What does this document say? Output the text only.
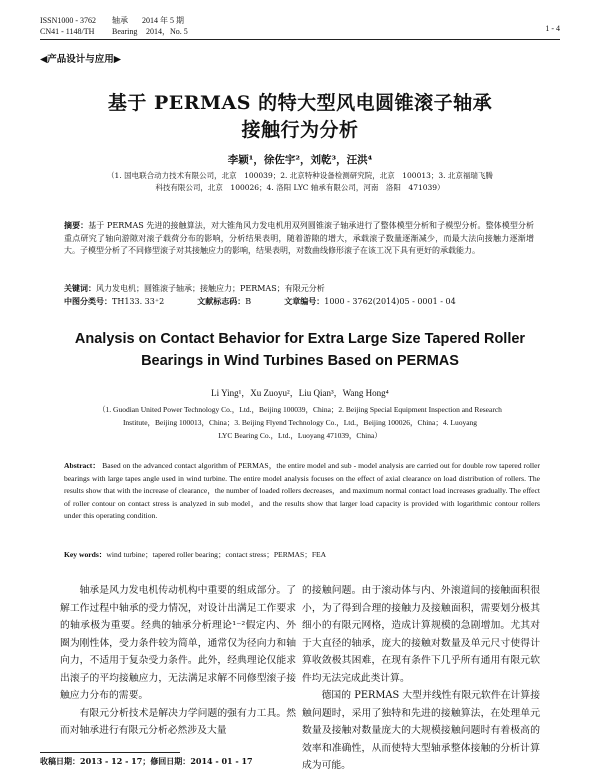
ISSN1000 - 3762 轴承 2014 年 5 期
CN41 - 1148/TH Bearing 2014，No. 5	1 - 4
◀产品设计与应用▶
基于 PERMAS 的特大型风电圆锥滚子轴承
接触行为分析
李颖¹，徐佐宇²，刘乾³，汪洪⁴
（1. 国电联合动力技术有限公司，北京　100039；2. 北京特种设备检测研究院，北京　100013；3. 北京福瑞飞腾
科技有限公司，北京　100026；4. 洛阳 LYC 轴承有限公司，河南　洛阳　471039）
摘要：基于 PERMAS 先进的接触算法，对大锥角风力发电机用双列圆锥滚子轴承进行了整体模型分析和子模型分析。整体模型分析重点研究了轴向游隙对滚子载荷分布的影响，分析结果表明，随着游隙的增大，承载滚子数量逐渐减少，而最大法向接触力逐渐增大。子模型分析了不同修型滚子对其接触应力的影响，结果表明，对数曲线修形滚子在该工况下具有更好的承载能力。
关键词：风力发电机；圆锥滚子轴承；接触应力；PERMAS；有限元分析
中图分类号：TH133. 33⁺2	文献标志码：B	文章编号：1000 - 3762(2014)05 - 0001 - 04
Analysis on Contact Behavior for Extra Large Size Tapered Roller
Bearings in Wind Turbines Based on PERMAS
Li Ying¹，Xu Zuoyu²，Liu Qian³，Wang Hong⁴
（1. Guodian United Power Technology Co.，Ltd.，Beijing 100039，China；2. Beijing Special Equipment Inspection and Research
Institute，Beijing 100013，China；3. Beijing Flyend Technology Co.，Ltd.，Beijing 100026，China；4. Luoyang
LYC Bearing Co.，Ltd.，Luoyang 471039，China）
Abstract： Based on the advanced contact algorithm of PERMAS，the entire model and sub - model analysis are carried out for double row tapered roller bearings with large tapes angle used in wind turbine. The entire model analysis focuses on the effect of axial clearance on load distribution of rollers. The results show that with the increase of clearance，the number of loaded rollers decreases，and maximum normal contact load increases gradually. The effect of roller contour on contact stress is analyzed in sub model，and the results show that larger load capacity is provided with logarithmic contour rollers under this operating condition.
Key words：wind turbine；tapered roller bearing；contact stress；PERMAS；FEA
轴承是风力发电机传动机构中重要的组成部分。了解工作过程中轴承的受力情况，对设计出满足工作要求的轴承极为重要。经典的轴承分析理论¹⁻²假定内、外圈为刚性体，受力条件较为简单，通常仅为径向力和轴向力，不适用于复杂受力条件。此外，经典理论仅能求出滚子的平均接触应力，无法满足求解不同修型滚子接触应力分布的需要。
有限元分析技术是解决力学问题的强有力工具。然而对轴承进行有限元分析必然涉及大量
的接触问题。由于滚动体与内、外滚道间的接触面积很小，为了得到合理的接触力及接触面积，需要划分极其细小的有限元网格，造成计算规模的急剧增加。尤其对于大直径的轴承，庞大的接触对数量及单元尺寸使得计算收敛极其困难，在现有条件下几乎所有通用有限元软件均无法完成此类计算。
德国的 PERMAS 大型并线性有限元软件在计算接触问题时，采用了独特和先进的接触算法，在处理单元数量及接触对数量庞大的大规模接触问题时有着极高的效率和准确性，从而使特大型轴承整体接触的分析计算成为可能。
收稿日期：2013 - 12 - 17；修回日期：2014 - 01 - 17
